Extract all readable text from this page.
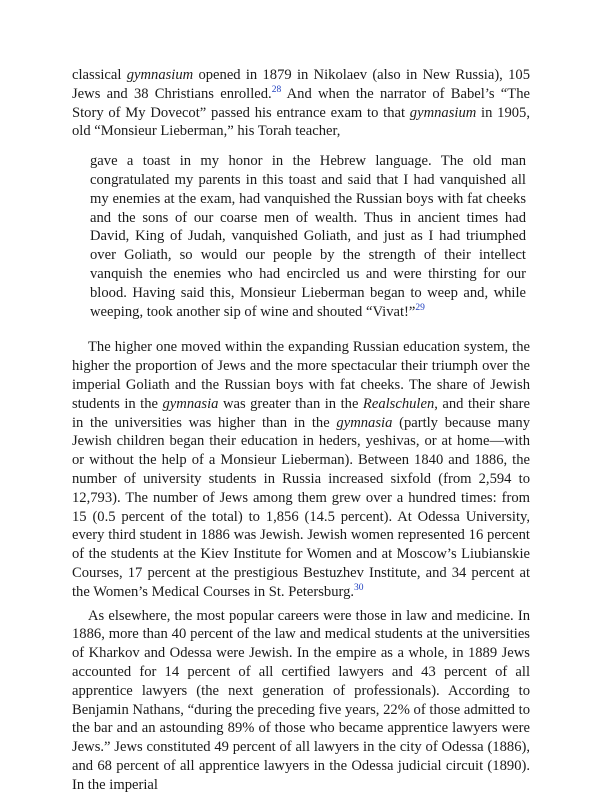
classical gymnasium opened in 1879 in Nikolaev (also in New Russia), 105 Jews and 38 Christians enrolled.$^{28}$ And when the narrator of Babel’s “The Story of My Dovecot” passed his entrance exam to that gymnasium in 1905, old “Monsieur Lieberman,” his Torah teacher,

gave a toast in my honor in the Hebrew language. The old man congratulated my parents in this toast and said that I had vanquished all my enemies at the exam, had vanquished the Russian boys with fat cheeks and the sons of our coarse men of wealth. Thus in ancient times had David, King of Judah, vanquished Goliath, and just as I had triumphed over Goliath, so would our people by the strength of their intellect vanquish the enemies who had encircled us and were thirsting for our blood. Having said this, Monsieur Lieberman began to weep and, while weeping, took another sip of wine and shouted “Vivat!”$^{29}$

The higher one moved within the expanding Russian education system, the higher the proportion of Jews and the more spectacular their triumph over the imperial Goliath and the Russian boys with fat cheeks. The share of Jewish students in the gymnasia was greater than in the Realschulen, and their share in the universities was higher than in the gymnasia (partly because many Jewish children began their education in heders, yeshivas, or at home—with or without the help of a Monsieur Lieberman). Between 1840 and 1886, the number of university students in Russia increased sixfold (from 2,594 to 12,793). The number of Jews among them grew over a hundred times: from 15 (0.5 percent of the total) to 1,856 (14.5 percent). At Odessa University, every third student in 1886 was Jewish. Jewish women represented 16 percent of the students at the Kiev Institute for Women and at Moscow’s Liubianskie Courses, 17 percent at the prestigious Bestuzhev Institute, and 34 percent at the Women’s Medical Courses in St. Petersburg.$^{30}$

As elsewhere, the most popular careers were those in law and medicine. In 1886, more than 40 percent of the law and medical students at the universities of Kharkov and Odessa were Jewish. In the empire as a whole, in 1889 Jews accounted for 14 percent of all certified lawyers and 43 percent of all apprentice lawyers (the next generation of professionals). According to Benjamin Nathans, “during the preceding five years, 22% of those admitted to the bar and an astounding 89% of those who became apprentice lawyers were Jews.” Jews constituted 49 percent of all lawyers in the city of Odessa (1886), and 68 percent of all apprentice lawyers in the Odessa judicial circuit (1890). In the imperial
